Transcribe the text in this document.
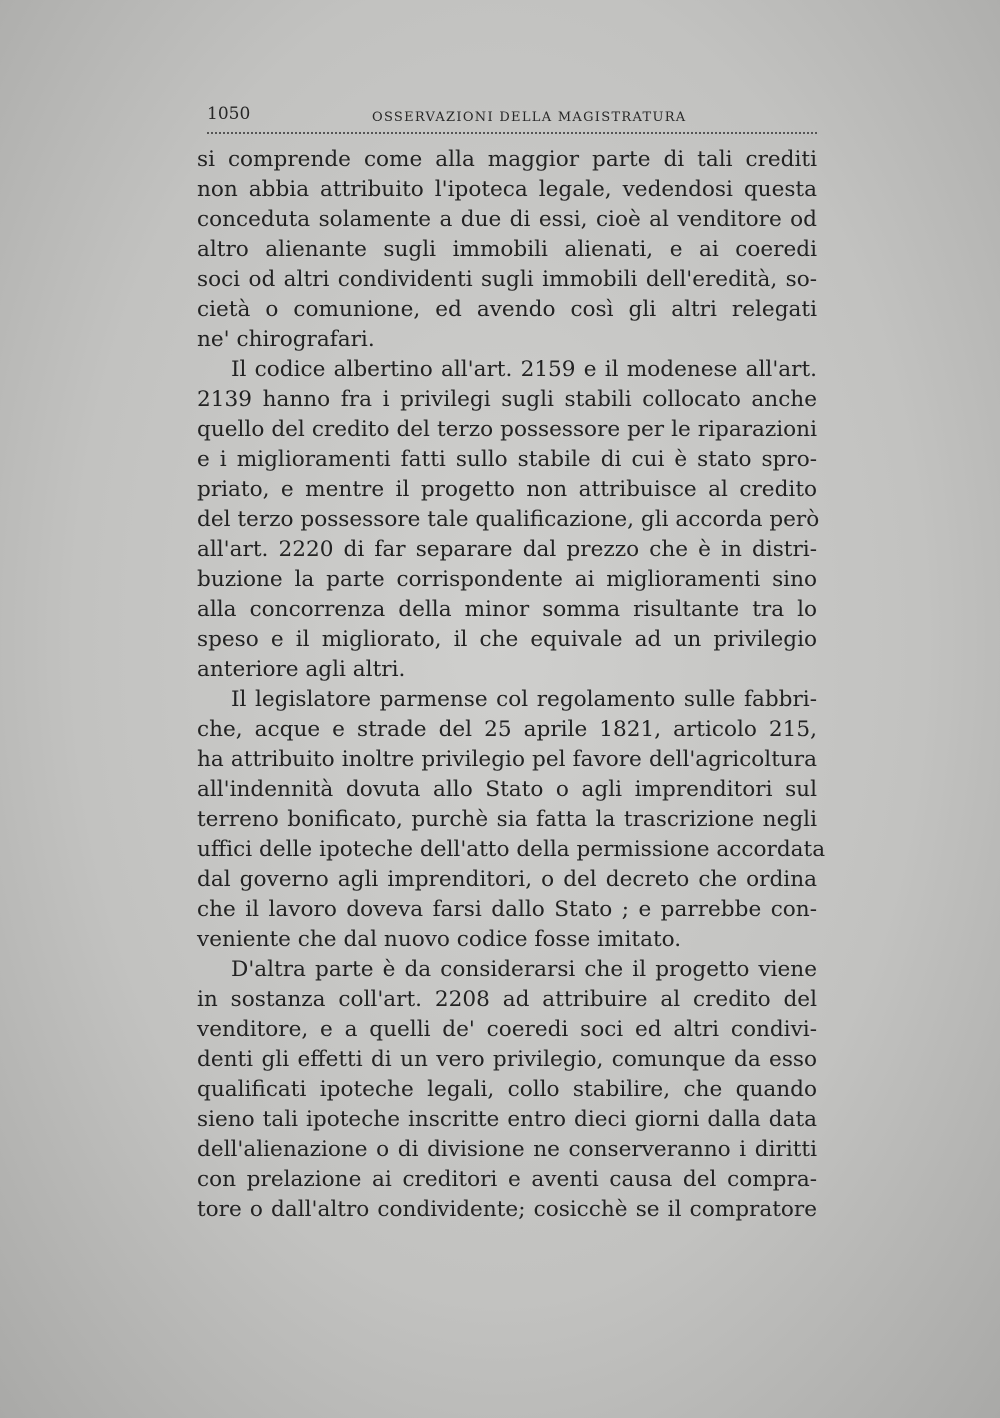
1050	OSSERVAZIONI DELLA MAGISTRATURA

si comprende come alla maggior parte di tali crediti
non abbia attribuito l'ipoteca legale, vedendosi questa
conceduta solamente a due di essi, cioè al venditore od
altro alienante sugli immobili alienati, e ai coeredi
soci od altri condividenti sugli immobili dell'eredità, so-
cietà o comunione, ed avendo così gli altri relegati
ne' chirografari.

Il codice albertino all'art. 2159 e il modenese all'art.
2139 hanno fra i privilegi sugli stabili collocato anche
quello del credito del terzo possessore per le riparazioni
e i miglioramenti fatti sullo stabile di cui è stato spro-
priato, e mentre il progetto non attribuisce al credito
del terzo possessore tale qualificazione, gli accorda però
all'art. 2220 di far separare dal prezzo che è in distri-
buzione la parte corrispondente ai miglioramenti sino
alla concorrenza della minor somma risultante tra lo
speso e il migliorato, il che equivale ad un privilegio
anteriore agli altri.

Il legislatore parmense col regolamento sulle fabbri-
che, acque e strade del 25 aprile 1821, articolo 215,
ha attribuito inoltre privilegio pel favore dell'agricoltura
all'indennità dovuta allo Stato o agli imprenditori sul
terreno bonificato, purchè sia fatta la trascrizione negli
uffici delle ipoteche dell'atto della permissione accordata
dal governo agli imprenditori, o del decreto che ordina
che il lavoro doveva farsi dallo Stato ; e parrebbe con-
veniente che dal nuovo codice fosse imitato.

D'altra parte è da considerarsi che il progetto viene
in sostanza coll'art. 2208 ad attribuire al credito del
venditore, e a quelli de' coeredi soci ed altri condivi-
denti gli effetti di un vero privilegio, comunque da esso
qualificati ipoteche legali, collo stabilire, che quando
sieno tali ipoteche inscritte entro dieci giorni dalla data
dell'alienazione o di divisione ne conserveranno i diritti
con prelazione ai creditori e aventi causa del compra-
tore o dall'altro condividente; cosicchè se il compratore
